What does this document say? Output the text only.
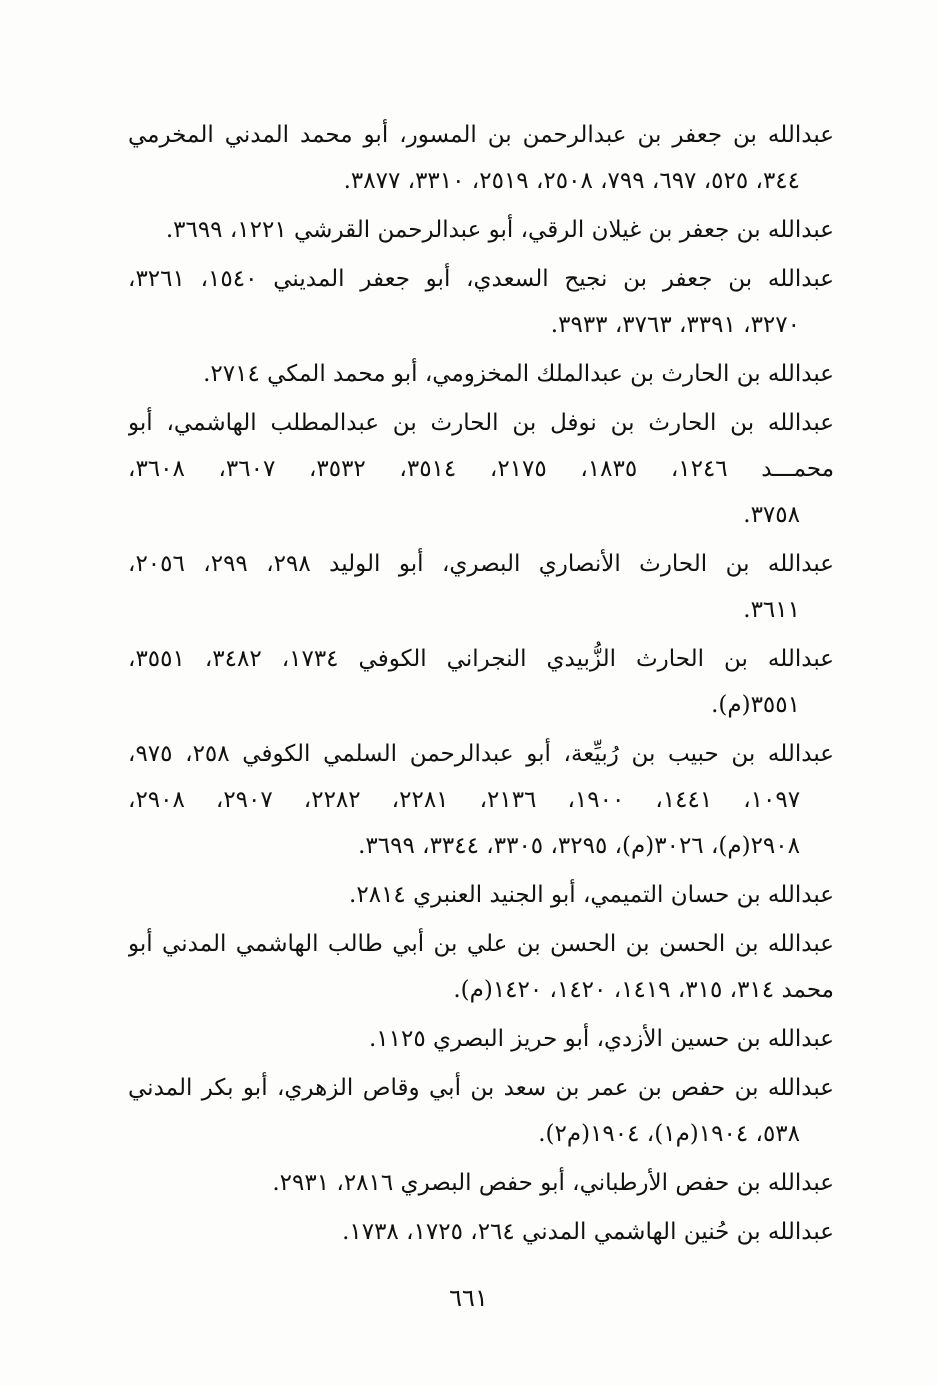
عبدالله بن جعفر بن عبدالرحمن بن المسور، أبو محمد المدني المخرمي
٣٤٤، ٥٢٥، ٦٩٧، ٧٩٩، ٢٥٠٨، ٢٥١٩، ٣٣١٠، ٣٨٧٧.
عبدالله بن جعفر بن غيلان الرقي، أبو عبدالرحمن القرشي ١٢٢١، ٣٦٩٩.
عبدالله بن جعفر بن نجيح السعدي، أبو جعفر المديني ١٥٤٠، ٣٢٦١،
٣٢٧٠، ٣٣٩١، ٣٧٦٣، ٣٩٣٣.
عبدالله بن الحارث بن عبدالملك المخزومي، أبو محمد المكي ٢٧١٤.
عبدالله بن الحارث بن نوفل بن الحارث بن عبدالمطلب الهاشمي، أبو
محمـــد ١٢٤٦، ١٨٣٥، ٢١٧٥، ٣٥١٤، ٣٥٣٢، ٣٦٠٧، ٣٦٠٨،
٣٧٥٨.
عبدالله بن الحارث الأنصاري البصري، أبو الوليد ٢٩٨، ٢٩٩، ٢٠٥٦،
٣٦١١.
عبدالله بن الحارث الزُّبيدي النجراني الكوفي ١٧٣٤، ٣٤٨٢، ٣٥٥١،
٣٥٥١(م).
عبدالله بن حبيب بن رُبيِّعة، أبو عبدالرحمن السلمي الكوفي ٢٥٨، ٩٧٥،
١٠٩٧، ١٤٤١، ١٩٠٠، ٢١٣٦، ٢٢٨١، ٢٢٨٢، ٢٩٠٧، ٢٩٠٨،
٢٩٠٨(م)، ٣٠٢٦(م)، ٣٢٩٥، ٣٣٠٥، ٣٣٤٤، ٣٦٩٩.
عبدالله بن حسان التميمي، أبو الجنيد العنبري ٢٨١٤.
عبدالله بن الحسن بن الحسن بن علي بن أبي طالب الهاشمي المدني أبو
محمد ٣١٤، ٣١٥، ١٤١٩، ١٤٢٠، ١٤٢٠(م).
عبدالله بن حسين الأزدي، أبو حريز البصري ١١٢٥.
عبدالله بن حفص بن عمر بن سعد بن أبي وقاص الزهري، أبو بكر المدني
٥٣٨، ١٩٠٤(م١)، ١٩٠٤(م٢).
عبدالله بن حفص الأرطباني، أبو حفص البصري ٢٨١٦، ٢٩٣١.
عبدالله بن حُنين الهاشمي المدني ٢٦٤، ١٧٢٥، ١٧٣٨.
٦٦١
